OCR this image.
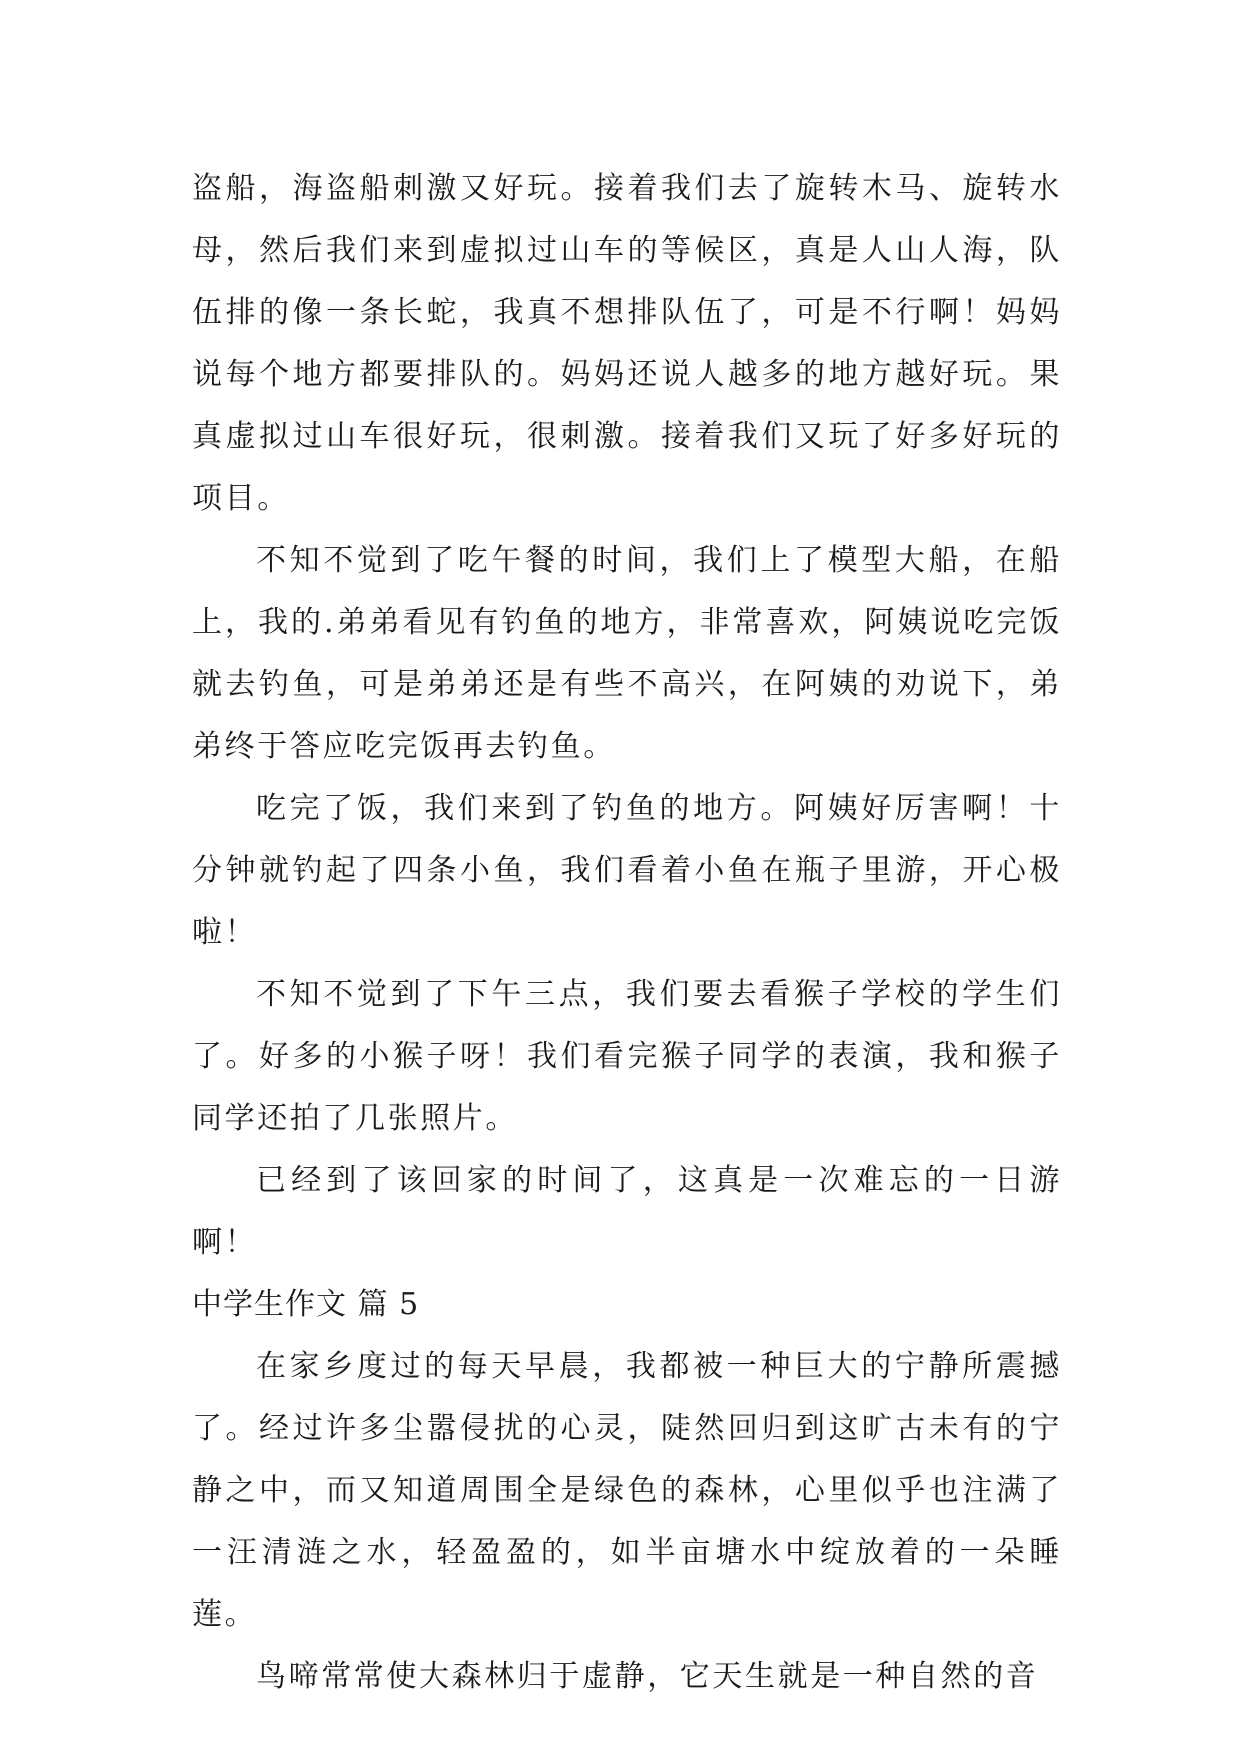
盗船，海盗船刺激又好玩。接着我们去了旋转木马、旋转水母，然后我们来到虚拟过山车的等候区，真是人山人海，队伍排的像一条长蛇，我真不想排队伍了，可是不行啊！妈妈说每个地方都要排队的。妈妈还说人越多的地方越好玩。果真虚拟过山车很好玩，很刺激。接着我们又玩了好多好玩的项目。

不知不觉到了吃午餐的时间，我们上了模型大船，在船上，我的.弟弟看见有钓鱼的地方，非常喜欢，阿姨说吃完饭就去钓鱼，可是弟弟还是有些不高兴，在阿姨的劝说下，弟弟终于答应吃完饭再去钓鱼。

吃完了饭，我们来到了钓鱼的地方。阿姨好厉害啊！十分钟就钓起了四条小鱼，我们看着小鱼在瓶子里游，开心极啦！

不知不觉到了下午三点，我们要去看猴子学校的学生们了。好多的小猴子呀！我们看完猴子同学的表演，我和猴子同学还拍了几张照片。

已经到了该回家的时间了，这真是一次难忘的一日游啊！

中学生作文 篇 5

在家乡度过的每天早晨，我都被一种巨大的宁静所震撼了。经过许多尘嚣侵扰的心灵，陡然回归到这旷古未有的宁静之中，而又知道周围全是绿色的森林，心里似乎也注满了一汪清涟之水，轻盈盈的，如半亩塘水中绽放着的一朵睡莲。

鸟啼常常使大森林归于虚静，它天生就是一种自然的音
